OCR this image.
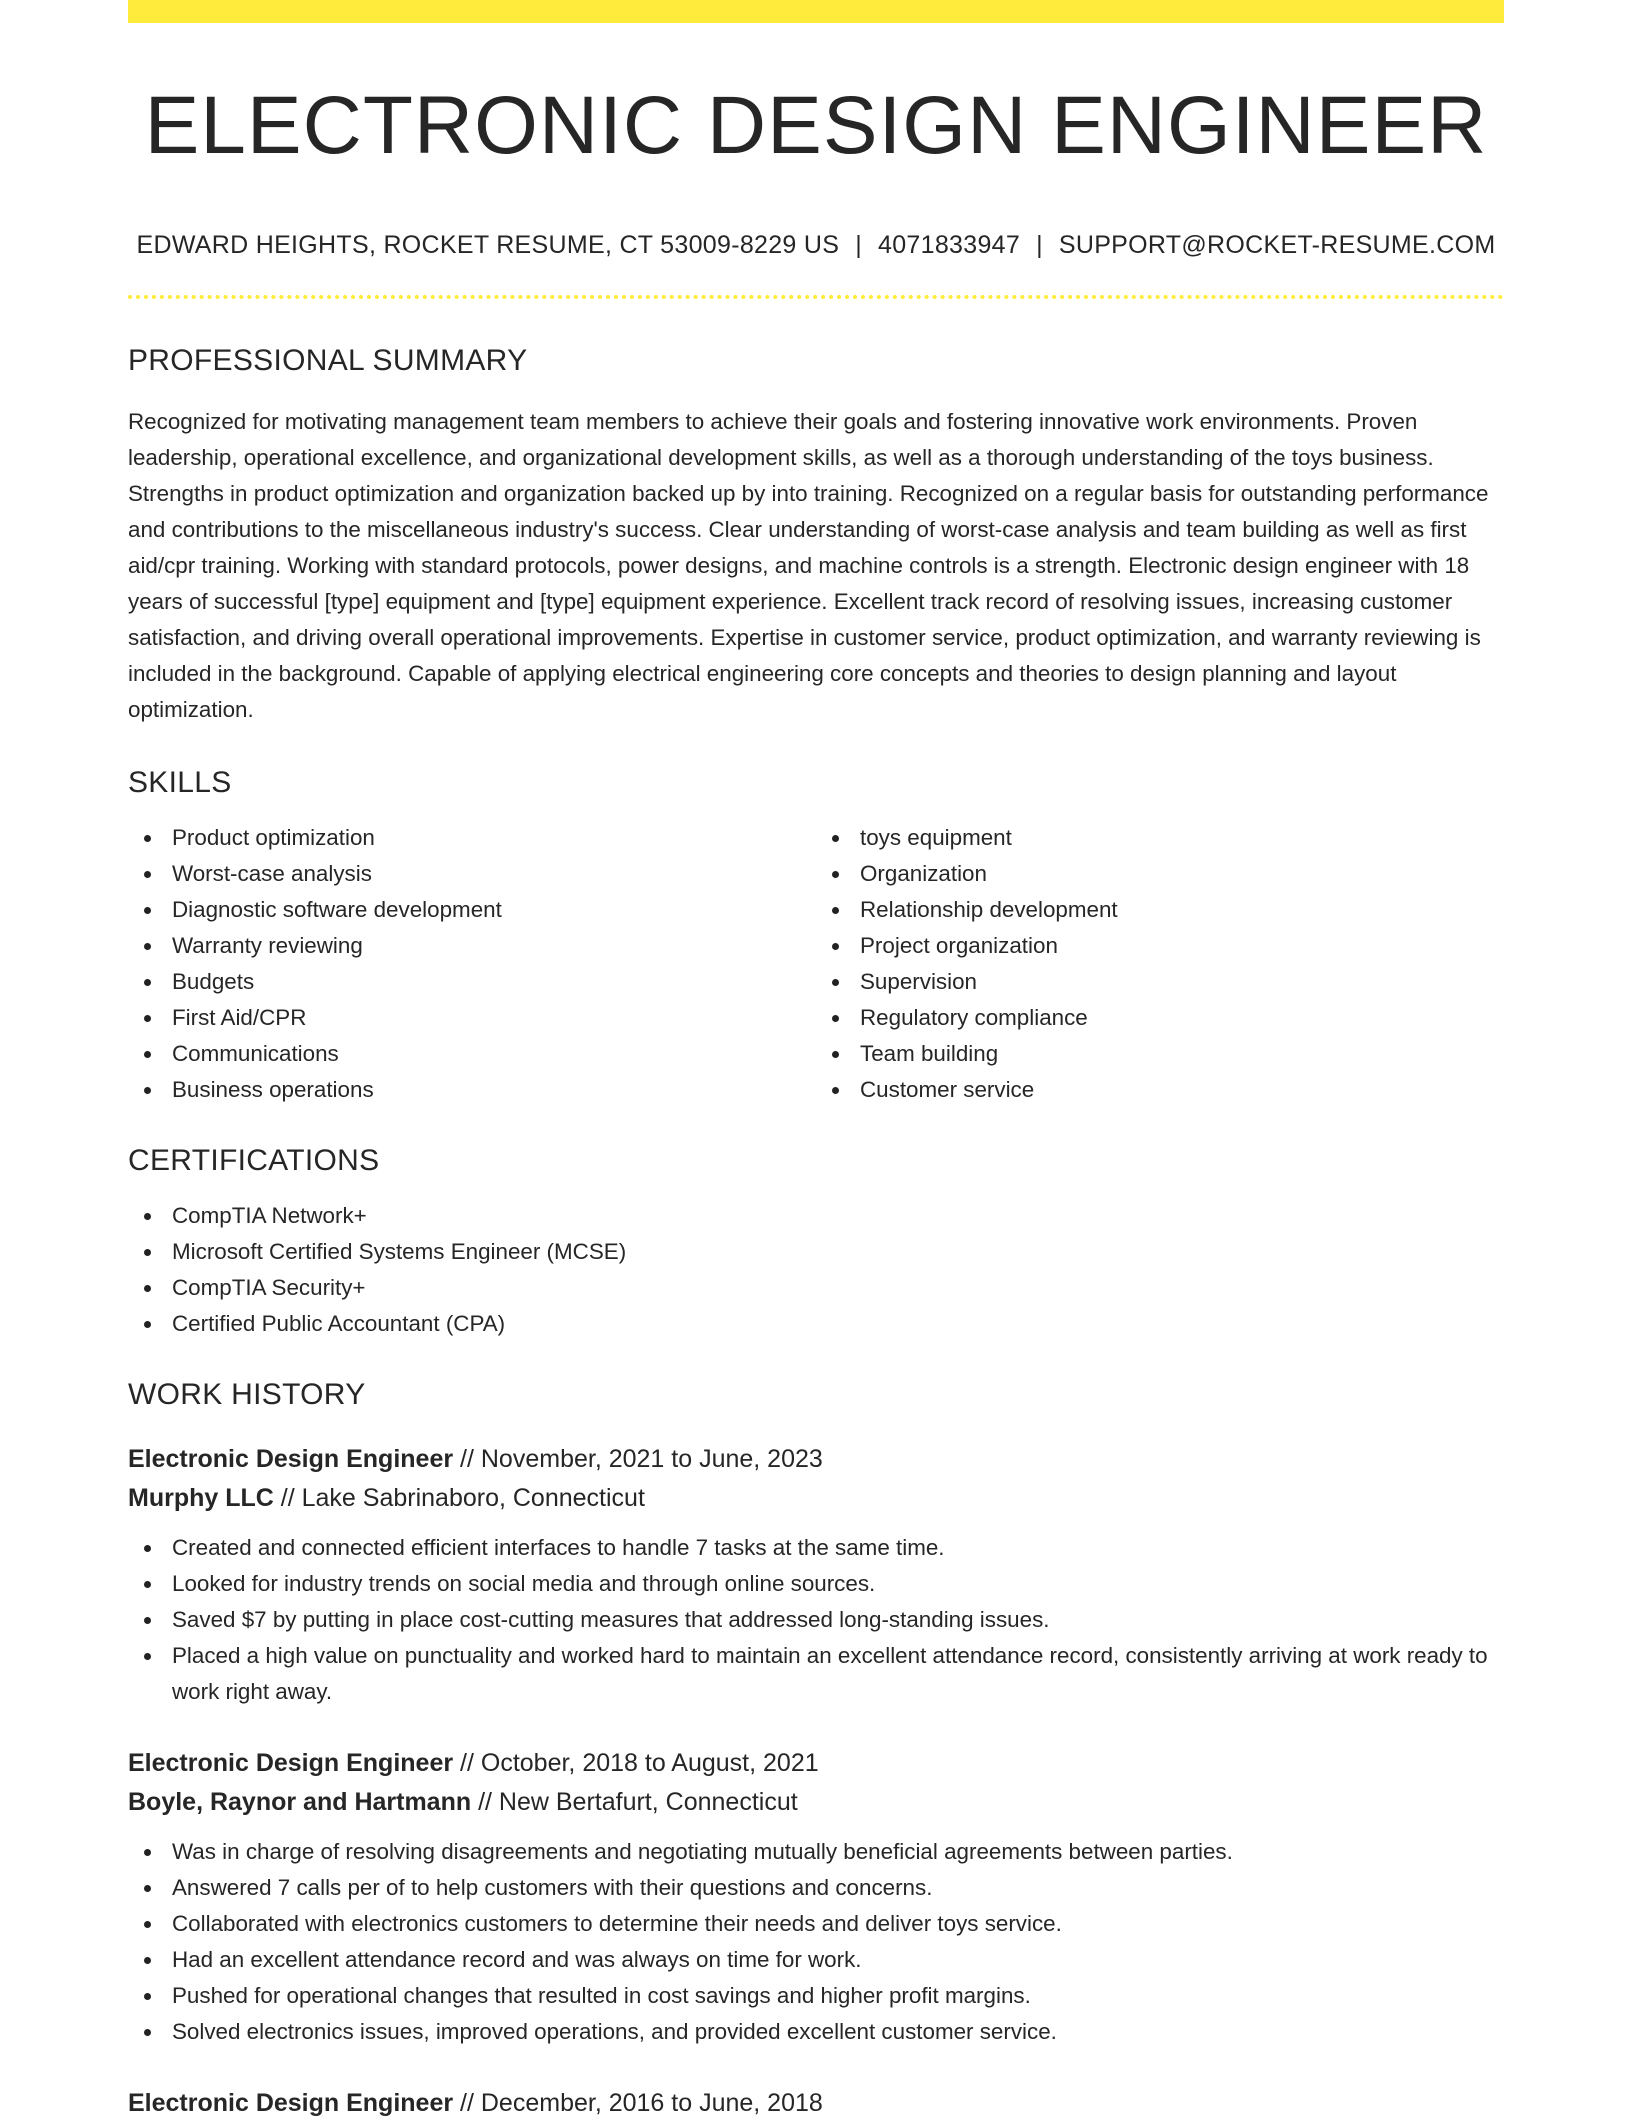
ELECTRONIC DESIGN ENGINEER
EDWARD HEIGHTS, ROCKET RESUME, CT 53009-8229 US | 4071833947 | SUPPORT@ROCKET-RESUME.COM
PROFESSIONAL SUMMARY

Recognized for motivating management team members to achieve their goals and fostering innovative work environments. Proven leadership, operational excellence, and organizational development skills, as well as a thorough understanding of the toys business. Strengths in product optimization and organization backed up by into training. Recognized on a regular basis for outstanding performance and contributions to the miscellaneous industry's success. Clear understanding of worst-case analysis and team building as well as first aid/cpr training. Working with standard protocols, power designs, and machine controls is a strength. Electronic design engineer with 18 years of successful [type] equipment and [type] equipment experience. Excellent track record of resolving issues, increasing customer satisfaction, and driving overall operational improvements. Expertise in customer service, product optimization, and warranty reviewing is included in the background. Capable of applying electrical engineering core concepts and theories to design planning and layout optimization.

SKILLS
Product optimization
Worst-case analysis
Diagnostic software development
Warranty reviewing
Budgets
First Aid/CPR
Communications
Business operations
toys equipment
Organization
Relationship development
Project organization
Supervision
Regulatory compliance
Team building
Customer service
CERTIFICATIONS
CompTIA Network+
Microsoft Certified Systems Engineer (MCSE)
CompTIA Security+
Certified Public Accountant (CPA)
WORK HISTORY
Electronic Design Engineer // November, 2021 to June, 2023
Murphy LLC // Lake Sabrinaboro, Connecticut
Created and connected efficient interfaces to handle 7 tasks at the same time.
Looked for industry trends on social media and through online sources.
Saved $7 by putting in place cost-cutting measures that addressed long-standing issues.
Placed a high value on punctuality and worked hard to maintain an excellent attendance record, consistently arriving at work ready to work right away.
Electronic Design Engineer // October, 2018 to August, 2021
Boyle, Raynor and Hartmann // New Bertafurt, Connecticut
Was in charge of resolving disagreements and negotiating mutually beneficial agreements between parties.
Answered 7 calls per of to help customers with their questions and concerns.
Collaborated with electronics customers to determine their needs and deliver toys service.
Had an excellent attendance record and was always on time for work.
Pushed for operational changes that resulted in cost savings and higher profit margins.
Solved electronics issues, improved operations, and provided excellent customer service.
Electronic Design Engineer // December, 2016 to June, 2018
